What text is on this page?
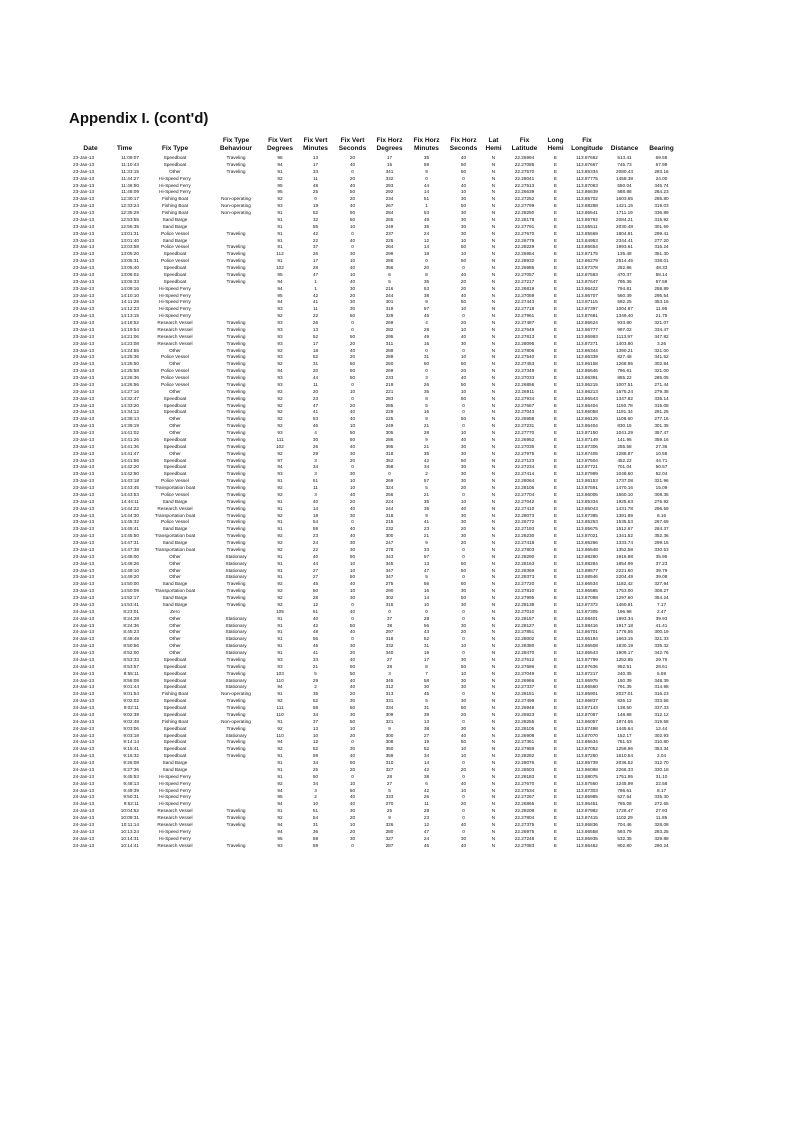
Appendix I. (cont'd)
			Fix Type	Fix Vert	Fix Vert	Fix Vert	Fix Horz	Fix Horz	Fix Horz	Lat	Fix	Long	Fix		
Date	Time	Fix Type	Behaviour	Degrees	Minutes	Seconds	Degrees	Minutes	Seconds	Hemi	Latitude	Hemi	Longitude	Distance	Bearing
23-Jan-13	11:09:07	Speedboat	Traveling	96	13	20	17	35	40	N	22.26994	E	113.87662	513.41	69.59
23-Jan-13	11:10:43	Speedboat	Traveling	94	17	40	15	59	50	N	22.27085	E	113.87667	745.73	67.99
23-Jan-13	11:33:15	Other	Traveling	91	33	0	341	9	50	N	22.27570	E	113.85334	2080.43	283.16
23-Jan-13	11:44:27	Hi-Speed Ferry		92	11	20	332	0	0	N	22.28041	E	113.87775	1458.38	24.00
23-Jan-13	11:46:50	Hi-Speed Ferry		95	48	40	293	44	40	N	22.27513	E	113.87063	550.04	345.74
23-Jan-13	11:48:09	Hi-Speed Ferry		95	25	50	292	14	10	N	22.26639	E	113.86639	588.88	284.23
23-Jan-13	12:30:17	Fishing Boat	Non-operating	92	0	20	234	51	30	N	22.27252	E	113.85702	1603.65	285.80
23-Jan-13	12:33:24	Fishing Boat	Non-operating	93	19	40	267	1	50	N	22.27799	E	113.88288	1421.15	319.03
23-Jan-13	12:35:29	Fishing Boat	Non-operating	91	52	50	284	53	30	N	22.28250	E	113.86541	1711.19	336.89
23-Jan-13	12:53:55	Sand Barge		91	32	50	255	49	30	N	22.28178	E	113.85792	2084.21	315.92
23-Jan-13	12:56:35	Sand Barge		91	55	10	249	35	30	N	22.27791	E	113.85511	2030.48	301.59
23-Jan-13	13:01:31	Police Vessel	Traveling	91	42	0	237	24	30	N	22.27670	E	113.85569	1804.81	299.41
23-Jan-13	13:01:40	Sand Barge		91	22	40	225	12	10	N	22.26779	E	113.84953	2344.41	277.20
23-Jan-13	13:03:58	Police Vessel	Traveling	91	37	0	264	14	50	N	22.28229	E	113.85654	1993.61	316.24
23-Jan-13	13:05:20	Speedboat	Traveling	112	26	30	299	18	10	N	22.26954	E	113.87175	135.48	351.30
23-Jan-13	13:05:31	Police Vessel	Traveling	91	17	10	286	0	50	N	22.28932	E	113.86279	2514.45	338.01
23-Jan-13	13:05:40	Speedboat	Traveling	102	28	40	356	20	0	N	22.26985	E	113.87378	252.86	48.33
23-Jan-13	13:06:02	Speedboat	Traveling	95	47	10	6	8	40	N	22.27057	E	113.87583	470.37	58.14
23-Jan-13	13:06:33	Speedboat	Traveling	94	1	40	5	35	20	N	22.27217	E	113.87647	795.36	57.59
23-Jan-13	14:09:16	Hi-Speed Ferry		94	1	30	216	53	20	N	22.26819	E	113.86422	794.81	258.89
23-Jan-13	14:10:10	Hi-Speed Ferry		95	42	20	244	38	40	N	22.27059	E	113.86707	560.39	295.54
23-Jan-13	14:11:28	Hi-Speed Ferry		94	41	30	301	9	50	N	22.27443	E	113.87115	592.25	353.16
23-Jan-13	14:12:23	Hi-Speed Ferry		93	11	30	319	57	10	N	22.27718	E	113.87397	1004.87	11.95
23-Jan-13	14:13:15	Hi-Speed Ferry		92	22	50	329	45	0	N	22.27961	E	113.87681	1349.40	21.75
23-Jan-13	14:18:52	Research Vessel	Traveling	93	26	0	269	4	20	N	22.27487	E	113.86624	933.80	321.07
23-Jan-13	14:19:54	Research Vessel	Traveling	93	13	0	282	28	10	N	22.27649	E	113.86777	997.02	334.47
23-Jan-13	14:21:06	Research Vessel	Traveling	93	52	50	295	49	40	N	22.27813	E	113.86993	1113.97	347.82
23-Jan-13	14:23:08	Research Vessel	Traveling	93	17	20	311	15	30	N	22.28095	E	113.87271	1403.80	3.26
23-Jan-13	14:24:55	Other	Traveling	92	18	40	289	0	0	N	22.27806	E	113.86344	1390.21	321.00
23-Jan-13	14:25:36	Police Vessel	Traveling	93	52	20	289	31	10	N	22.27540	E	113.86339	827.48	341.52
23-Jan-13	14:25:50	Other	Traveling	92	31	50	250	50	50	N	22.27453	E	113.86158	1268.95	302.84
23-Jan-13	14:25:58	Police Vessel	Traveling	94	20	50	269	0	20	N	22.27349	E	113.86646	796.61	321.00
23-Jan-13	14:26:36	Police Vessel	Traveling	93	44	50	233	3	40	N	22.27033	E	113.86391	855.22	285.05
23-Jan-13	14:26:56	Police Vessel	Traveling	93	11	0	219	26	50	N	22.26856	E	113.86215	1007.51	271.44
23-Jan-13	14:27:16	Other	Traveling	92	20	10	221	35	10	N	22.26911	E	113.86213	1575.24	279.38
23-Jan-13	14:32:47	Speedboat	Traveling	92	23	0	283	8	50	N	22.27934	E	113.86543	1347.82	335.14
23-Jan-13	14:33:20	Speedboat	Traveling	92	47	20	285	5	0	N	22.27667	E	113.86404	1150.78	315.08
23-Jan-13	14:34:12	Speedboat	Traveling	92	41	40	229	16	0	N	22.27043	E	113.86058	1191.34	281.25
23-Jan-13	14:38:13	Other	Traveling	92	53	40	225	9	50	N	22.26958	E	113.86125	1108.60	277.16
23-Jan-13	14:39:19	Other	Traveling	92	46	10	249	21	0	N	22.27231	E	113.86404	830.15	301.35
23-Jan-13	14:41:02	Other	Traveling	93	4	50	305	28	10	N	22.27770	E	113.87150	1041.29	357.47
23-Jan-13	14:41:26	Speedboat	Traveling	111	30	50	286	9	40	N	22.26952	E	113.87149	141.95	359.16
23-Jan-13	14:41:36	Speedboat	Traveling	102	26	40	395	21	30	N	22.27036	E	113.87306	255.58	27.36
23-Jan-13	14:41:47	Other	Traveling	92	29	30	318	35	30	N	22.27975	E	113.87405	1288.87	10.59
23-Jan-13	14:41:56	Speedboat	Traveling	97	3	20	352	42	50	N	22.27123	E	113.87504	452.22	44.71
23-Jan-13	14:42:20	Speedboat	Traveling	94	34	0	358	34	30	N	22.27234	E	113.87721	701.04	50.57
23-Jan-13	14:42:50	Speedboat	Traveling	93	3	30	0	2	30	N	22.27414	E	113.87999	1048.60	52.04
23-Jan-13	14:43:18	Police Vessel	Traveling	91	51	10	269	57	30	N	22.28064	E	113.86153	1737.08	321.96
23-Jan-13	14:43:45	Transportation boat	Traveling	92	11	10	324	5	20	N	22.28105	E	113.87591	1470.16	15.09
23-Jan-13	14:43:53	Police Vessel	Traveling	92	3	40	256	21	0	N	22.27704	E	113.86005	1560.10	308.35
23-Jan-13	14:44:11	Sand Barge	Traveling	91	40	20	224	35	10	N	22.27042	E	113.85334	1925.63	276.92
23-Jan-13	14:44:22	Research Vessel	Traveling	91	14	40	244	35	40	N	22.27410	E	113.85043	1431.78	296.59
23-Jan-13	14:44:30	Transportation boat	Traveling	92	18	30	318	9	30	N	22.28073	E	113.87385	1391.89	8.16
23-Jan-13	14:45:32	Police Vessel	Traveling	91	54	0	215	41	30	N	22.26772	E	113.85253	1535.53	267.69
23-Jan-13	14:45:41	Sand Barge	Traveling	91	59	40	232	23	20	N	22.27193	E	113.85675	1512.67	284.37
23-Jan-13	14:45:50	Transportation boat	Traveling	92	23	40	300	21	30	N	22.28230	E	113.87021	1341.52	352.36
23-Jan-13	14:47:31	Sand Barge	Traveling	92	24	30	247	9	20	N	22.27418	E	113.86266	1333.74	299.15
23-Jan-13	14:47:38	Transportation boat	Traveling	92	22	30	278	33	0	N	22.27803	E	113.86548	1352.58	330.53
23-Jan-13	14:48:00	Other	Stationary	91	40	50	343	57	0	N	22.28290	E	113.88280	1916.98	35.95
23-Jan-13	14:48:26	Other	Stationary	91	44	10	345	13	50	N	22.28163	E	113.88284	1854.99	37.23
23-Jan-13	14:49:10	Other	Stationary	91	27	10	347	47	50	N	22.28369	E	113.88577	2221.60	39.79
23-Jan-13	14:49:20	Other	Stationary	91	27	50	347	5	0	N	22.28373	E	113.88546	2204.49	39.08
23-Jan-13	14:50:00	Sand Barge	Traveling	92	45	40	275	56	50	N	22.27720	E	113.86534	1182.42	327.94
23-Jan-13	14:50:09	Transportation boat	Traveling	92	50	10	290	16	30	N	22.27810	E	113.86585	1753.00	308.27
23-Jan-13	14:52:17	Sand Barge	Traveling	92	28	30	302	14	50	N	22.27995	E	113.87098	1297.60	354.24
23-Jan-13	14:53:41	Sand Barge	Traveling	92	12	0	315	10	30	N	22.28138	E	113.87372	1460.91	7.17
24-Jan-13	8:23:01	Zero		105	51	40	0	0	0	N	22.27010	E	113.87305	196.98	2.47
24-Jan-13	8:24:28	Other	Stationary	91	40	0	37	28	0	N	22.28157	E	113.88401	1993.34	39.93
24-Jan-13	8:24:36	Other	Stationary	91	42	50	38	56	30	N	22.28127	E	113.88416	1917.18	41.41
24-Jan-13	8:45:23	Other	Stationary	91	48	40	297	43	20	N	22.27851	E	113.86701	1776.55	300.19
24-Jan-13	8:48:48	Other	Stationary	91	56	0	318	52	0	N	22.28002	E	113.86184	1663.15	321.33
24-Jan-13	8:50:56	Other	Stationary	91	45	30	332	31	10	N	22.28380	E	113.86508	1830.19	335.32
24-Jan-13	8:52:00	Other	Stationary	91	41	20	340	19	0	N	22.28470	E	113.86543	1909.17	342.76
24-Jan-13	8:53:33	Speedboat	Traveling	93	33	40	27	17	30	N	22.27612	E	113.87799	1252.85	29.76
24-Jan-13	8:53:57	Speedboat	Traveling	93	21	50	28	8	50	N	22.27586	E	113.87636	952.51	28.61
24-Jan-13	8:55:11	Speedboat	Traveling	103	5	50	3	7	10	N	22.27049	E	113.87217	240.35	5.59
24-Jan-13	8:56:08	Speedboat	Stationary	110	29	40	345	58	30	N	22.26966	E	113.86975	150.39	348.39
24-Jan-13	9:01:44	Speedboat	Stationary	94	2	40	312	30	30	N	22.27337	E	113.86560	791.35	314.98
24-Jan-13	9:01:54	Fishing Boat	Non-operating	91	35	20	313	45	0	N	22.28151	E	113.85901	2027.01	316.23
24-Jan-13	9:02:02	Speedboat	Traveling	92	52	30	331	5	30	N	22.27499	E	113.86837	826.12	333.56
24-Jan-13	9:02:11	Speedboat	Traveling	111	58	50	334	31	50	N	22.26948	E	113.87143	138.50	337.33
24-Jan-13	9:02:39	Speedboat	Traveling	110	34	30	309	39	20	N	22.26923	E	113.87087	148.88	312.12
24-Jan-13	9:02:48	Fishing Boat	Non-operating	91	37	50	321	13	0	N	22.28255	E	113.86057	1874.55	319.58
24-Jan-13	9:03:06	Speedboat	Traveling	92	13	10	9	38	30	N	22.28105	E	113.87498	1445.64	12.44
24-Jan-13	9:03:18	Speedboat	Stationary	110	10	20	300	27	40	N	22.26908	E	113.87070	152.17	302.93
24-Jan-13	9:14:14	Speedboat	Traveling	94	12	0	308	19	50	N	22.27361	E	113.86634	781.53	310.80
24-Jan-13	9:15:41	Speedboat	Traveling	92	52	30	350	52	10	N	22.27959	E	113.87052	1258.96	353.34
24-Jan-13	9:16:32	Speedboat	Traveling	91	59	40	359	34	10	N	22.28282	E	113.87250	1610.54	2.04
24-Jan-13	9:26:08	Sand Barge		91	34	50	310	14	0	N	22.28076	E	113.85739	2036.52	312.70
24-Jan-13	9:27:36	Sand Barge		91	25	20	327	42	20	N	22.28503	E	113.86098	2266.33	330.18
24-Jan-13	9:45:53	Hi-Speed Ferry		91	50	0	28	38	0	N	22.28183	E	113.88075	1751.95	31.10
24-Jan-13	9:48:13	Hi-Speed Ferry		92	34	10	27	6	40	N	22.27670	E	113.87560	1245.99	22.58
24-Jan-13	9:49:39	Hi-Speed Ferry		94	3	50	5	42	10	N	22.27534	E	113.87303	786.61	8.17
24-Jan-13	9:50:31	Hi-Speed Ferry		95	2	40	333	26	0	N	22.27267	E	113.86985	527.54	335.30
24-Jan-13	9:52:11	Hi-Speed Ferry		94	10	40	270	11	20	N	22.26865	E	113.86451	765.08	272.65
24-Jan-13	10:04:52	Research Vessel	Traveling	91	51	30	25	28	0	N	22.28208	E	113.87982	1728.47	27.93
24-Jan-13	10:09:31	Research Vessel	Traveling	92	54	20	9	23	0	N	22.27804	E	113.87415	1102.29	11.85
24-Jan-13	10:11:14	Research Vessel	Traveling	94	31	10	326	12	40	N	22.27375	E	113.86836	704.46	328.08
24-Jan-13	10:13:24	Hi-Speed Ferry		94	36	20	280	47	0	N	22.26975	E	113.86558	593.79	283.25
24-Jan-13	10:14:31	Hi-Speed Ferry		95	59	30	327	24	30	N	22.27248	E	113.86935	532.35	329.88
24-Jan-13	10:14:41	Research Vessel	Traveling	93	59	0	287	46	40	N	22.27083	E	113.86462	802.80	290.24
